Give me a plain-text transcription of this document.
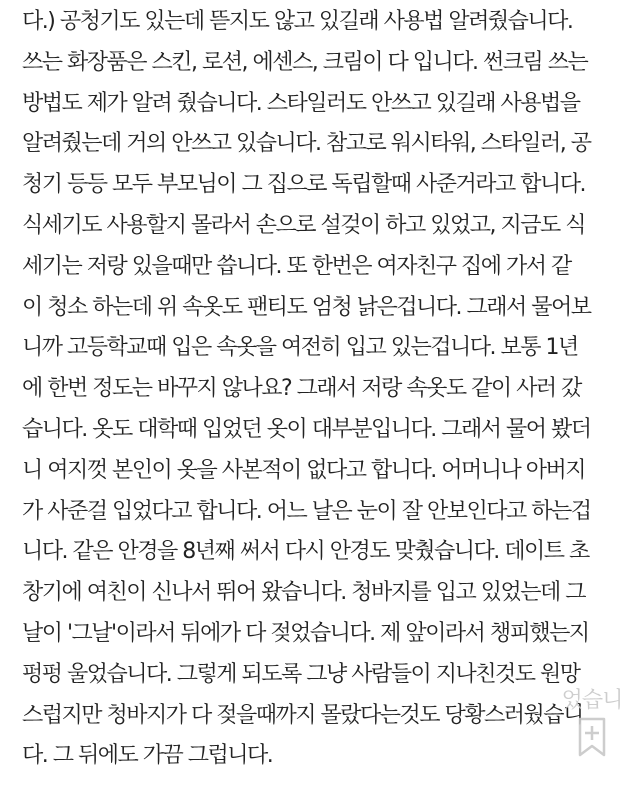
다.) 공청기도 있는데 뜯지도 않고 있길래 사용법 알려줬습니다.
쓰는 화장품은 스킨, 로션, 에센스, 크림이 다 입니다. 썬크림 쓰는
방법도 제가 알려 줬습니다. 스타일러도 안쓰고 있길래 사용법을
알려줬는데 거의 안쓰고 있습니다. 참고로 워시타워, 스타일러, 공
청기 등등 모두 부모님이 그 집으로 독립할때 사준거라고 합니다.
식세기도 사용할지 몰라서 손으로 설겆이 하고 있었고, 지금도 식
세기는 저랑 있을때만 씁니다. 또 한번은 여자친구 집에 가서 같
이 청소 하는데 위 속옷도 팬티도 엄청 낡은겁니다. 그래서 물어보
니까 고등학교때 입은 속옷을 여전히 입고 있는겁니다. 보통 1년
에 한번 정도는 바꾸지 않나요? 그래서 저랑 속옷도 같이 사러 갔
습니다. 옷도 대학때 입었던 옷이 대부분입니다. 그래서 물어 봤더
니 여지껏 본인이 옷을 사본적이 없다고 합니다. 어머니나 아버지
가 사준걸 입었다고 합니다. 어느 날은 눈이 잘 안보인다고 하는겁
니다. 같은 안경을 8년째 써서 다시 안경도 맞췄습니다. 데이트 초
창기에 여친이 신나서 뛰어 왔습니다. 청바지를 입고 있었는데 그
날이 '그날'이라서 뒤에가 다 젖었습니다. 제 앞이라서 챙피했는지
펑펑 울었습니다. 그렇게 되도록 그냥 사람들이 지나친것도 원망
스럽지만 청바지가 다 젖을때까지 몰랐다는것도 당황스러웠습니
다. 그 뒤에도 가끔 그럽니다.
었습니
